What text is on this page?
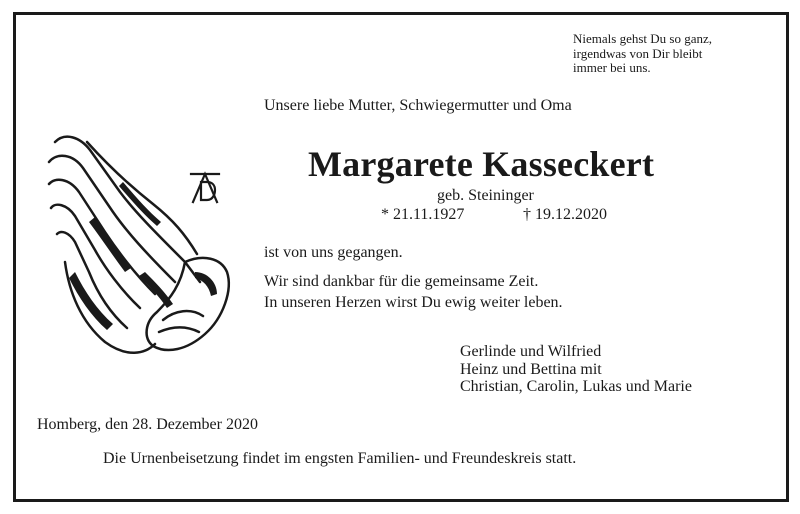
Niemals gehst Du so ganz,
irgendwas von Dir bleibt
immer bei uns.
Unsere liebe Mutter, Schwiegermutter und Oma
Margarete Kasseckert
geb. Steininger
* 21.11.1927	† 19.12.2020
ist von uns gegangen.
Wir sind dankbar für die gemeinsame Zeit.
In unseren Herzen wirst Du ewig weiter leben.
Gerlinde und Wilfried
Heinz und Bettina mit
Christian, Carolin, Lukas und Marie
Homberg, den 28. Dezember 2020
Die Urnenbeisetzung findet im engsten Familien- und Freundeskreis statt.
